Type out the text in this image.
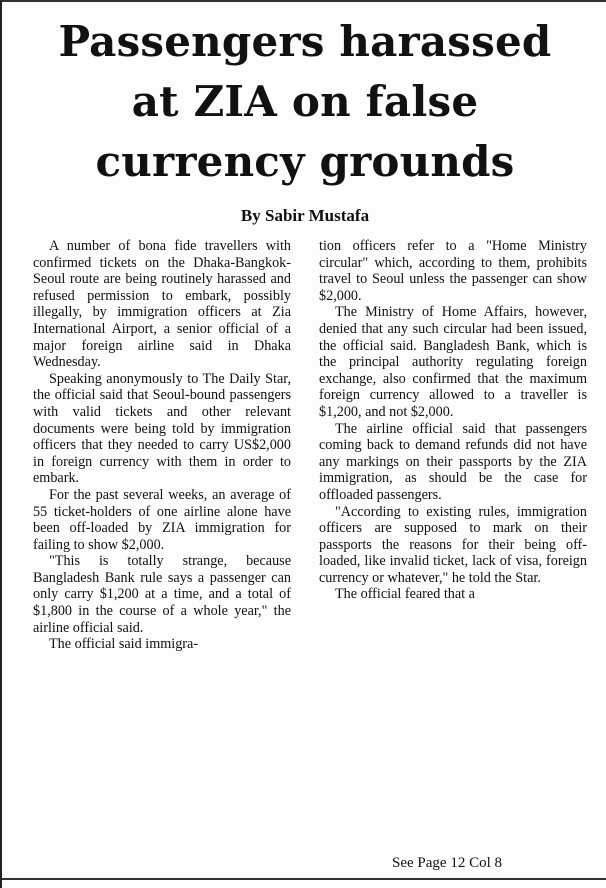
Passengers harassed
at ZIA on false
currency grounds
By Sabir Mustafa

A number of bona fide travellers with confirmed tickets on the Dhaka-Bangkok-Seoul route are being routinely harassed and refused permission to embark, possibly illegally, by immigration officers at Zia International Airport, a senior official of a major foreign airline said in Dhaka Wednesday.

Speaking anonymously to The Daily Star, the official said that Seoul-bound passengers with valid tickets and other relevant documents were being told by immigration officers that they needed to carry US$2,000 in foreign currency with them in order to embark.

For the past several weeks, an average of 55 ticket-holders of one airline alone have been off-loaded by ZIA immigration for failing to show $2,000.

"This is totally strange, because Bangladesh Bank rule says a passenger can only carry $1,200 at a time, and a total of $1,800 in the course of a whole year," the airline official said.

The official said immigra-

tion officers refer to a "Home Ministry circular" which, according to them, prohibits travel to Seoul unless the passenger can show $2,000.

The Ministry of Home Affairs, however, denied that any such circular had been issued, the official said. Bangladesh Bank, which is the principal authority regulating foreign exchange, also confirmed that the maximum foreign currency allowed to a traveller is $1,200, and not $2,000.

The airline official said that passengers coming back to demand refunds did not have any markings on their passports by the ZIA immigration, as should be the case for offloaded passengers.

"According to existing rules, immigration officers are supposed to mark on their passports the reasons for their being off-loaded, like invalid ticket, lack of visa, foreign currency or whatever," he told the Star.

The official feared that a

See Page 12 Col 8
